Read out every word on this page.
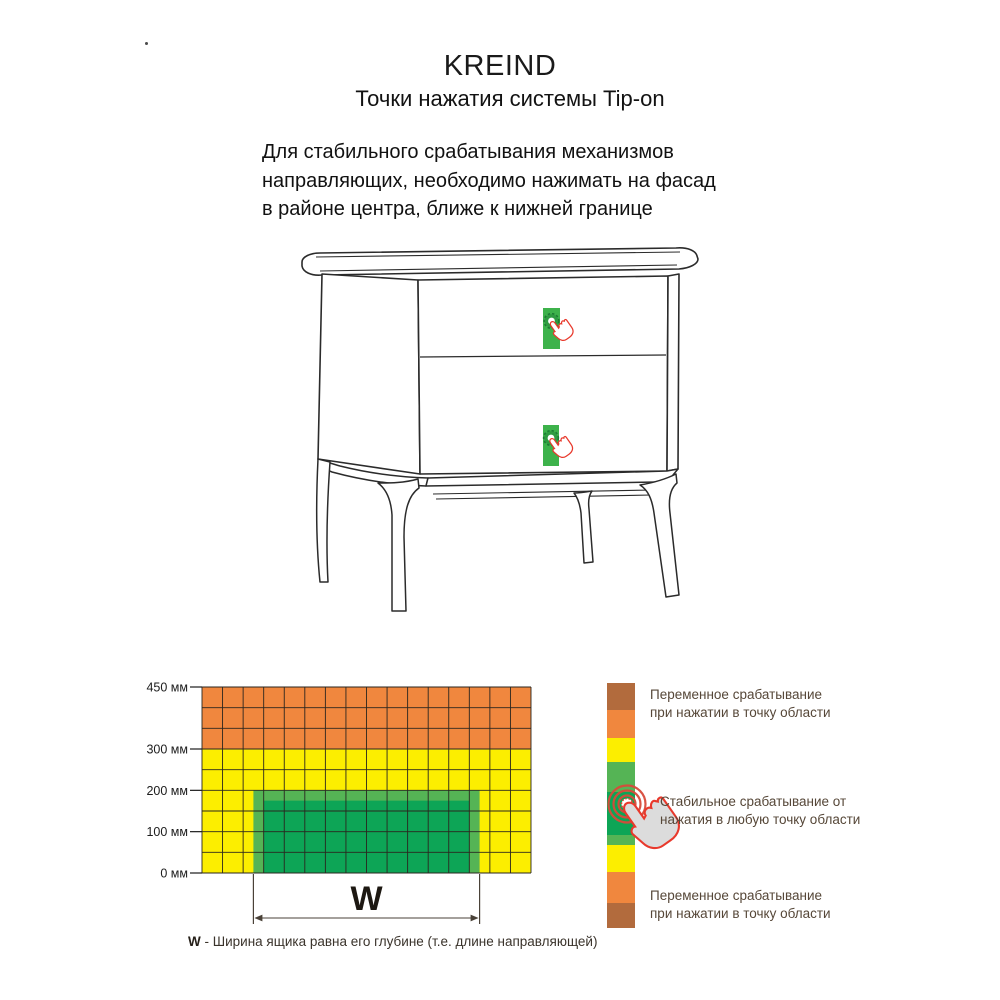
KREIND
Точки нажатия системы Tip-on
Для стабильного срабатывания механизмов
направляющих, необходимо нажимать на фасад
в районе центра, ближе к нижней границе
450 мм
300 мм
200 мм
100 мм
0 мм
W
Переменное срабатывание
при нажатии в точку области
Стабильное срабатывание от
нажатия в любую точку области
Переменное срабатывание
при нажатии в точку области
W - Ширина ящика равна его глубине (т.е. длине направляющей)
